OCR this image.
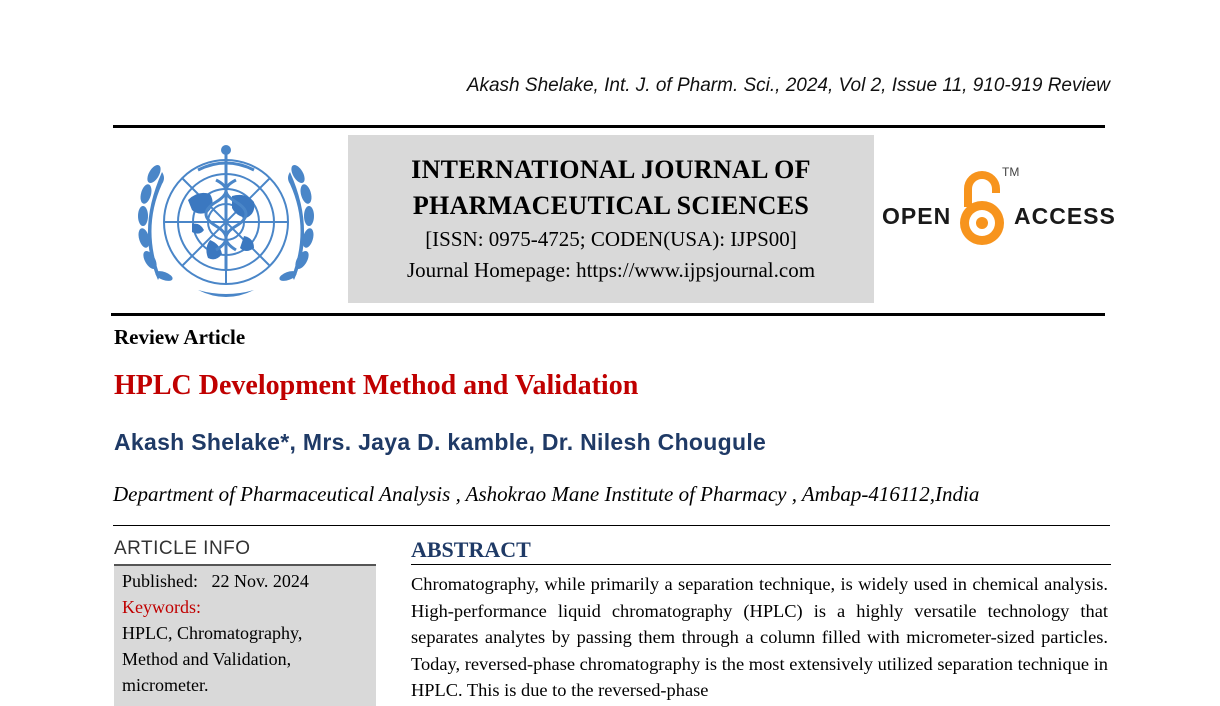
Akash Shelake, Int. J. of Pharm. Sci., 2024, Vol 2, Issue 11, 910-919 Review
INTERNATIONAL JOURNAL OF
PHARMACEUTICAL SCIENCES
[ISSN: 0975-4725; CODEN(USA): IJPS00]
Journal Homepage: https://www.ijpsjournal.com
OPEN
TM
ACCESS
Review Article
HPLC Development Method and Validation
Akash Shelake*, Mrs. Jaya D. kamble, Dr. Nilesh Chougule
Department of Pharmaceutical Analysis , Ashokrao Mane Institute of Pharmacy , Ambap-416112,India
ARTICLE INFO
Published: 22 Nov. 2024
Keywords:
HPLC, Chromatography,
Method and Validation,
micrometer.
ABSTRACT
Chromatography, while primarily a separation technique, is widely used in chemical analysis. High-performance liquid chromatography (HPLC) is a highly versatile technology that separates analytes by passing them through a column filled with micrometer-sized particles. Today, reversed-phase chromatography is the most extensively utilized separation technique in HPLC. This is due to the reversed-phase
